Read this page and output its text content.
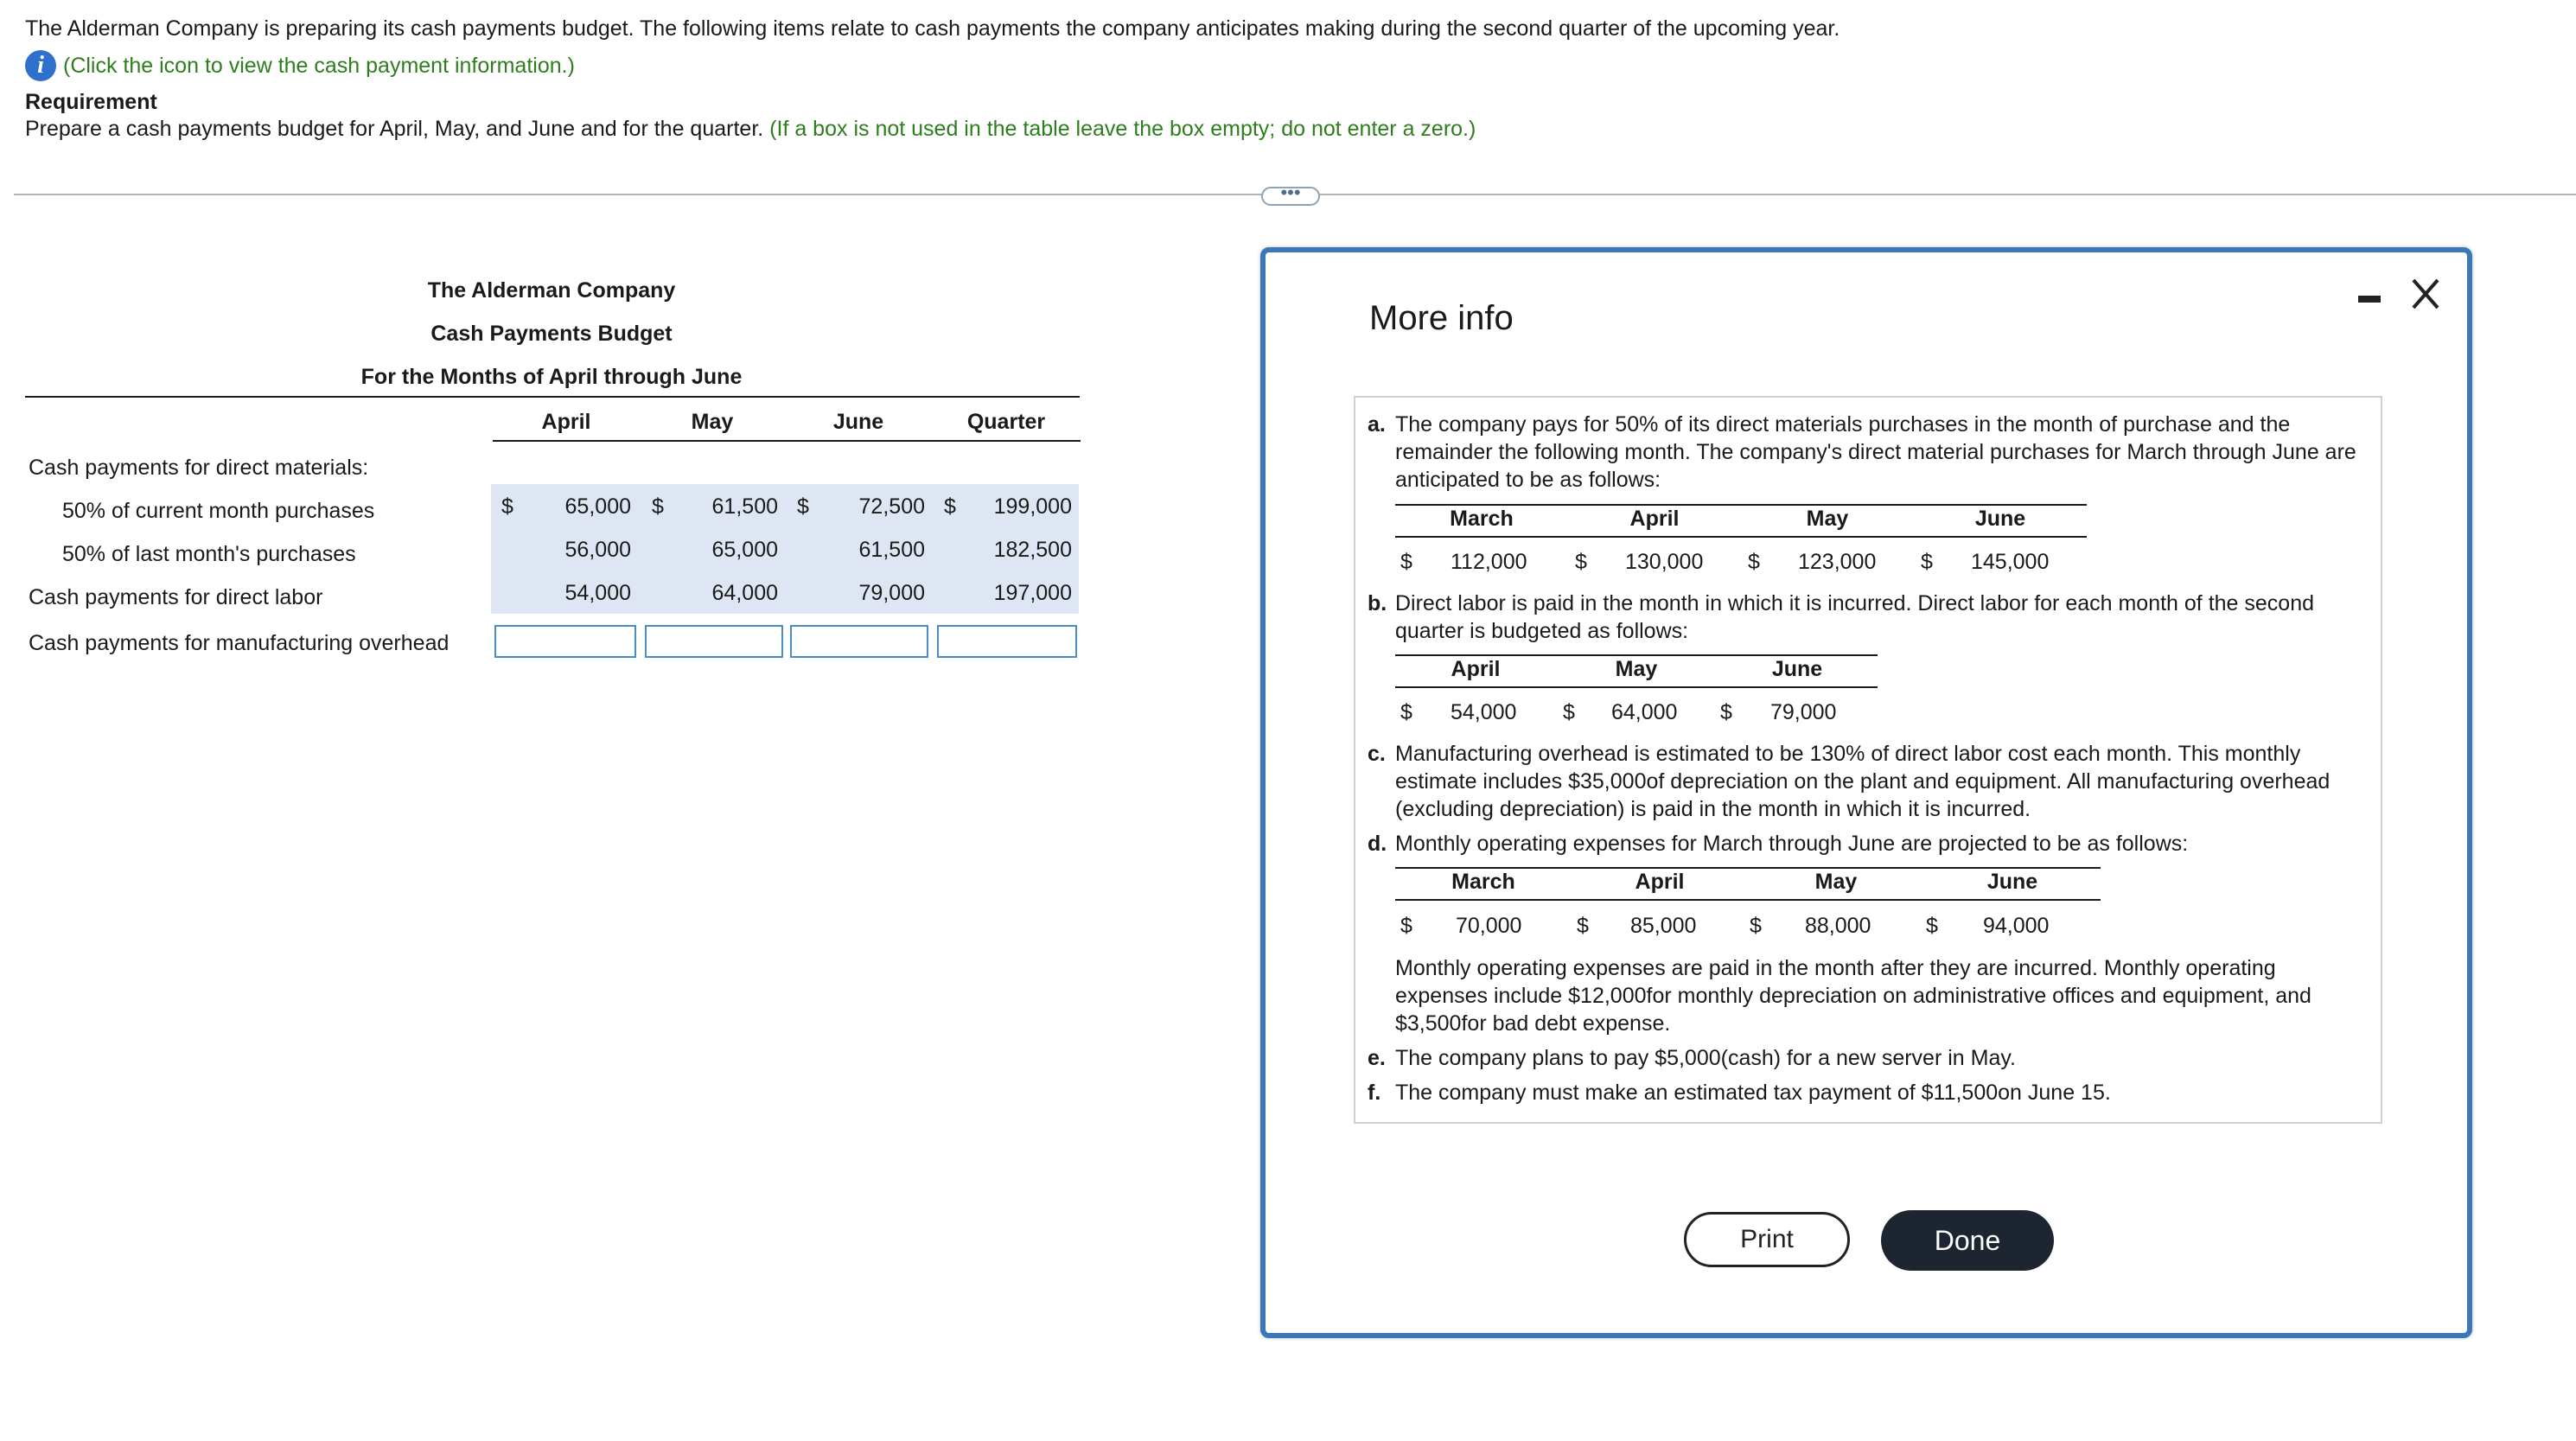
The Alderman Company is preparing its cash payments budget. The following items relate to cash payments the company anticipates making during the second quarter of the upcoming year.
i (Click the icon to view the cash payment information.)
Requirement
Prepare a cash payments budget for April, May, and June and for the quarter. (If a box is not used in the table leave the box empty; do not enter a zero.)
•••
The Alderman Company
Cash Payments Budget
For the Months of April through June
April	May	June	Quarter
Cash payments for direct materials:
50% of current month purchases	$	65,000 $	61,500 $	72,500 $	199,000
50% of last month's purchases	56,000	65,000	61,500	182,500
Cash payments for direct labor	54,000	64,000	79,000	197,000
Cash payments for manufacturing overhead
More info
a. The company pays for 50% of its direct materials purchases in the month of purchase and the remainder the following month. The company's direct material purchases for March through June are anticipated to be as follows:
March	April	May	June
$ 112,000 $ 130,000 $ 123,000 $ 145,000
b. Direct labor is paid in the month in which it is incurred. Direct labor for each month of the second quarter is budgeted as follows:
April	May	June
$ 54,000 $ 64,000 $ 79,000
c. Manufacturing overhead is estimated to be 130% of direct labor cost each month. This monthly estimate includes $35,000of depreciation on the plant and equipment. All manufacturing overhead (excluding depreciation) is paid in the month in which it is incurred.
d. Monthly operating expenses for March through June are projected to be as follows:
March	April	May	June
$ 70,000	$ 85,000 $ 88,000	$ 94,000
Monthly operating expenses are paid in the month after they are incurred. Monthly operating expenses include $12,000for monthly depreciation on administrative offices and equipment, and $3,500for bad debt expense.
e. The company plans to pay $5,000(cash) for a new server in May.
f. The company must make an estimated tax payment of $11,500on June 15.
Print	Done
